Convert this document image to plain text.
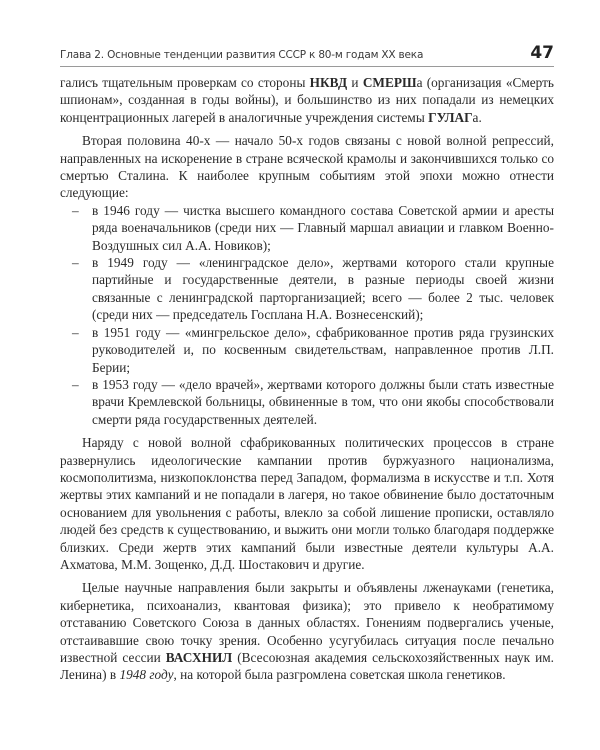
Глава 2. Основные тенденции развития СССР к 80-м годам XX века	47

галисъ тщательным проверкам со стороны НКВД и СМЕРШа (организация «Смерть шпионам», созданная в годы войны), и большинство из них попадали из немецких концентрационных лагерей в аналогичные учреждения системы ГУЛАГа.

Вторая половина 40-х — начало 50-х годов связаны с новой волной репрессий, направленных на искоренение в стране всяческой крамолы и закончившихся только со смертью Сталина. К наиболее крупным событиям этой эпохи можно отнести следующие:

– в 1946 году — чистка высшего командного состава Советской армии и аресты ряда военачальников (среди них — Главный маршал авиации и главком Военно-Воздушных сил А.А. Новиков);
– в 1949 году — «ленинградское дело», жертвами которого стали крупные партийные и государственные деятели, в разные периоды своей жизни связанные с ленинградской парторганизацией; всего — более 2 тыс. человек (среди них — председатель Госплана Н.А. Вознесенский);
– в 1951 году — «мингрельское дело», сфабрикованное против ряда грузинских руководителей и, по косвенным свидетельствам, направленное против Л.П. Берии;
– в 1953 году — «дело врачей», жертвами которого должны были стать известные врачи Кремлевской больницы, обвиненные в том, что они якобы способствовали смерти ряда государственных деятелей.

Наряду с новой волной сфабрикованных политических процессов в стране развернулись идеологические кампании против буржуазного национализма, космополитизма, низкопоклонства перед Западом, формализма в искусстве и т.п. Хотя жертвы этих кампаний и не попадали в лагеря, но такое обвинение было достаточным основанием для увольнения с работы, влекло за собой лишение прописки, оставляло людей без средств к существованию, и выжить они могли только благодаря поддержке близких. Среди жертв этих кампаний были известные деятели культуры А.А. Ахматова, М.М. Зощенко, Д.Д. Шостакович и другие.

Целые научные направления были закрыты и объявлены лженауками (генетика, кибернетика, психоанализ, квантовая физика); это привело к необратимому отставанию Советского Союза в данных областях. Гонениям подвергались ученые, отстаивавшие свою точку зрения. Особенно усугубилась ситуация после печально известной сессии ВАСХНИЛ (Всесоюзная академия сельскохозяйственных наук им. Ленина) в 1948 году, на которой была разгромлена советская школа генетиков.
